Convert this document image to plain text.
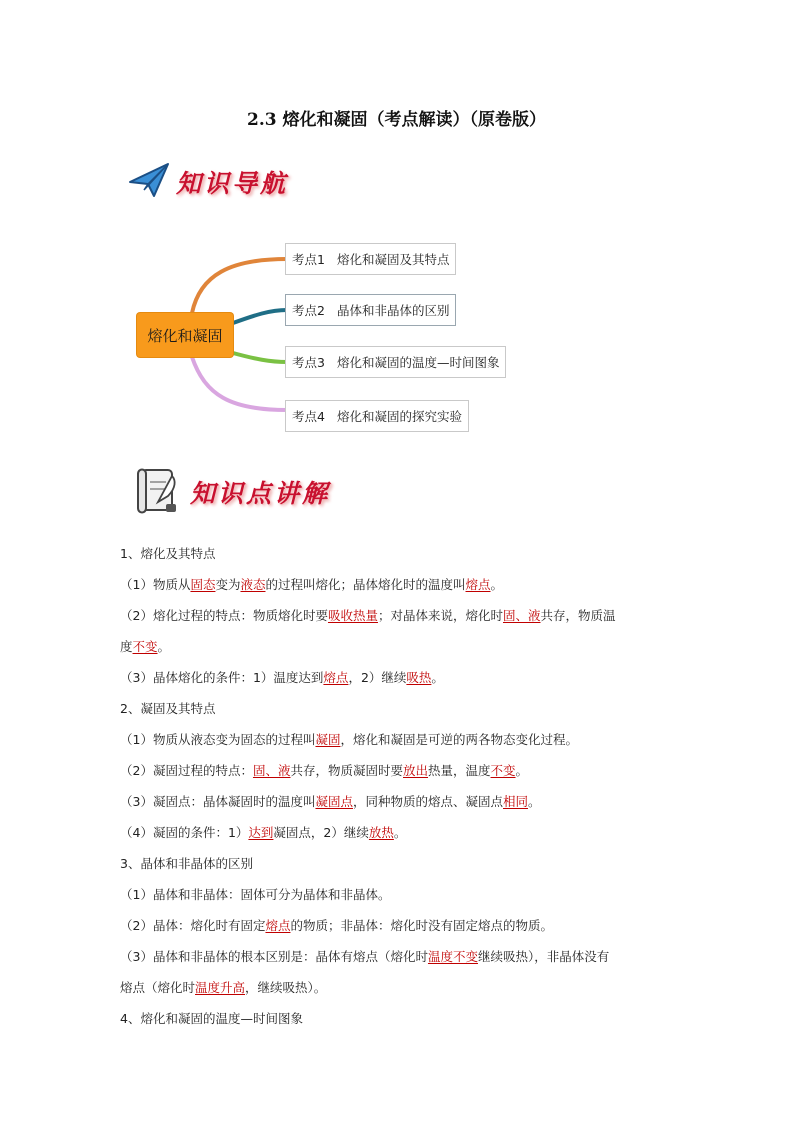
2.3 熔化和凝固（考点解读）（原卷版）
知识导航
熔化和凝固
考点1 熔化和凝固及其特点
考点2 晶体和非晶体的区别
考点3 熔化和凝固的温度—时间图象
考点4 熔化和凝固的探究实验
知识点讲解

1、熔化及其特点

（1）物质从固态变为液态的过程叫熔化；晶体熔化时的温度叫熔点。

（2）熔化过程的特点：物质熔化时要吸收热量；对晶体来说，熔化时固、液共存，物质温
度不变。

（3）晶体熔化的条件：1）温度达到熔点，2）继续吸热。

2、凝固及其特点

（1）物质从液态变为固态的过程叫凝固，熔化和凝固是可逆的两各物态变化过程。

（2）凝固过程的特点：固、液共存，物质凝固时要放出热量，温度不变。

（3）凝固点：晶体凝固时的温度叫凝固点，同种物质的熔点、凝固点相同。

（4）凝固的条件：1）达到凝固点，2）继续放热。

3、晶体和非晶体的区别

（1）晶体和非晶体：固体可分为晶体和非晶体。

（2）晶体：熔化时有固定熔点的物质；非晶体：熔化时没有固定熔点的物质。

（3）晶体和非晶体的根本区别是：晶体有熔点（熔化时温度不变继续吸热），非晶体没有
熔点（熔化时温度升高，继续吸热）。

4、熔化和凝固的温度—时间图象
